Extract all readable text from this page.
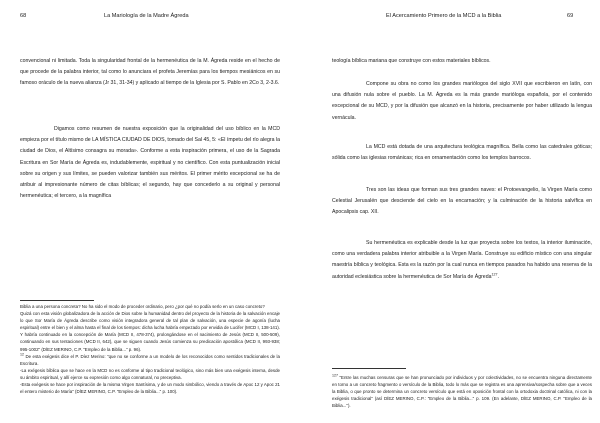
68	La Mariología de la Madre Ágreda

convencional ni limitada. Toda la singularidad frontal de la hermenéutica de la M. Ágreda reside en el hecho de que procede de la palabra interior, tal como lo anunciara el profeta Jeremías para los tiempos mesiánicos en su famoso oráculo de la nueva alianza (Jr 31, 31-34) y aplicado al tiempo de la Iglesia por S. Pablo en 2Co 3, 2-3.6.

Digamos como resumen de nuestra exposición que la originalidad del uso bíblico en la MCD empieza por el título mismo de LA MÍSTICA CIUDAD DE DIOS, tomado del Sal 45, 5: «El ímpetu del río alegra la ciudad de Dios, el Altísimo consagra su morada». Conforme a esta inspiración primera, el uso de la Sagrada Escritura en Sor María de Ágreda es, indudablemente, espiritual y no científico. Con esta puntualización inicial sobre su origen y sus límites, se pueden valorizar también sus méritos. El primer mérito excepcional se ha de atribuir al impresionante número de citas bíblicas; el segundo, hay que concederlo a su original y personal hermenéutica; el tercero, a la magnífica

Biblia a una persona concreta? No ha sido el modo de proceder ordinario, pero ¿por qué no podía serlo en un caso concreto?
Quizá con esta visión globalizadora de la acción de Dios sobre la humanidad dentro del proyecto de la historia de la salvación encaje lo que Sor María de Ágreda describe como visión integradora general de tal plan de salvación, una especie de agonía (lucha espiritual) entre el bien y el alma hasta el final de los tiempos: dicha lucha habría empezado por envidia de Lucifer (MCD I, 138-141). Y habría continuado en la concepción de María (MCD II, 478-374), prolongándose en el nacimiento de Jesús (MCD II, 500-509), continuando en sus tentaciones (MCD II, 642), que se siguen cuando Jesús comienza su predicación apostólica (MCD II, 993-938; 995-1002" (DÍEZ MERINO, C.P. "Empleo de la Biblia..." p. 96).
$^{12}$ De esta exégesis dice el P. Díez Merino: "que no se conforme a un modelo de los reconocidos como sentidos tradicionales de la Escritura.
-La exégesis bíblica que se hace en la MCD no es conforme al tipo tradicional teológico, sino más bien una exégesis interna, desde su ámbito espiritual, y allí ejerce su expresión como algo connatural, no preceptiva.
-Esta exégesis se hace por inspiración de la misma Virgen Santísima, y de un modo simbólico, viendo a través de Apoc 12 y Apoc 21 el entero misterio de María" (DÍEZ MERINO, C.P. "Empleo de la Biblia..." p. 100).
El Acercamiento Primero de la MCD a la Biblia	69

teología bíblica mariana que construye con estos materiales bíblicos.

Compone su obra no como los grandes mariólogos del siglo XVII que escribieron en latín, con una difusión nula sobre el pueblo. La M. Ágreda es la más grande marióloga española, por el contenido excepcional de su MCD, y por la difusión que alcanzó en la historia, precisamente por haber utilizado la lengua vernácula.

La MCD está dotada de una arquitectura teológica magnífica. Bella como las catedrales góticas; sólida como las iglesias románicas; rica en ornamentación como los templos barrocos.

Tres son las ideas que forman sus tres grandes naves: el Protoevangelio, la Virgen María como Celestial Jerusalén que desciende del cielo en la encarnación; y la culminación de la historia salvífica en Apocalipsis cap. XII.

Su hermenéutica es explicable desde la luz que proyecta sobre los textos, la interior iluminación, como una verdadera palabra interior atribuible a la Virgen María. Construye su edificio místico con una singular maestría bíblica y teológica. Esta es la razón por la cual nunca en tiempos pasados ha habido una reserva de la autoridad eclesiástica sobre la hermenéutica de Sor María de Ágreda$^{127}$.

$^{127}$ "Entre las muchas censuras que se han pronunciado por individuos y por colectividades, no se encuentra ninguna directamente en torno a un concreto fragmento o versículo de la Biblia, todo lo más que se registra es una aprensiva/sospecha sobre que a veces la Biblia, o que pronto se determina un concreto versículo que está en oposición frontal con la ortodoxia doctrinal católica, ni con la exégesis tradicional" (así DÍEZ MERINO, C.P.: "Empleo de la Biblia..." p. 109. (En adelante, DÍEZ MERINO, C.P. "Empleo de la Biblia...").
